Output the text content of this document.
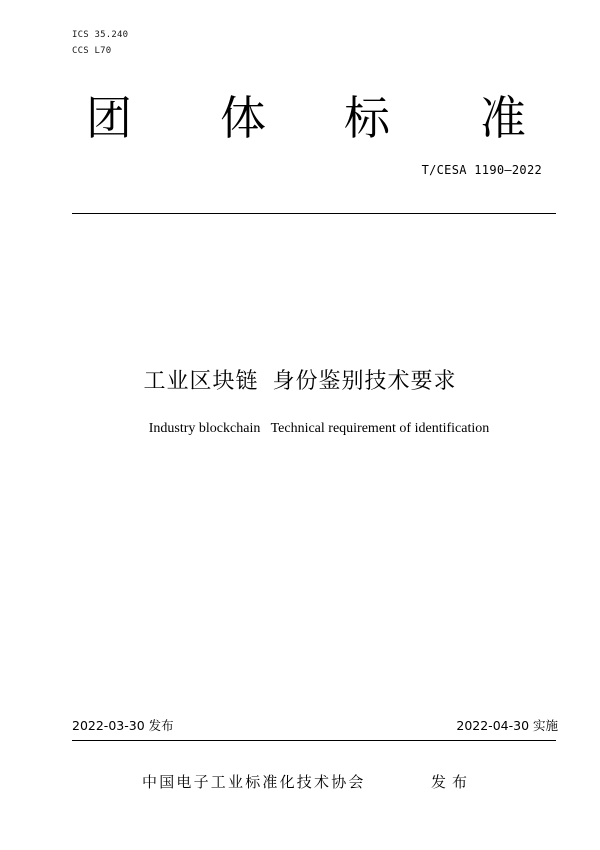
ICS 35.240
CCS L70
团 体 标 准
T/CESA 1190—2022
工业区块链 身份鉴别技术要求
Industry blockchain   Technical requirement of identification
2022-03-30 发布	2022-04-30 实施
中国电子工业标准化技术协会	发布
